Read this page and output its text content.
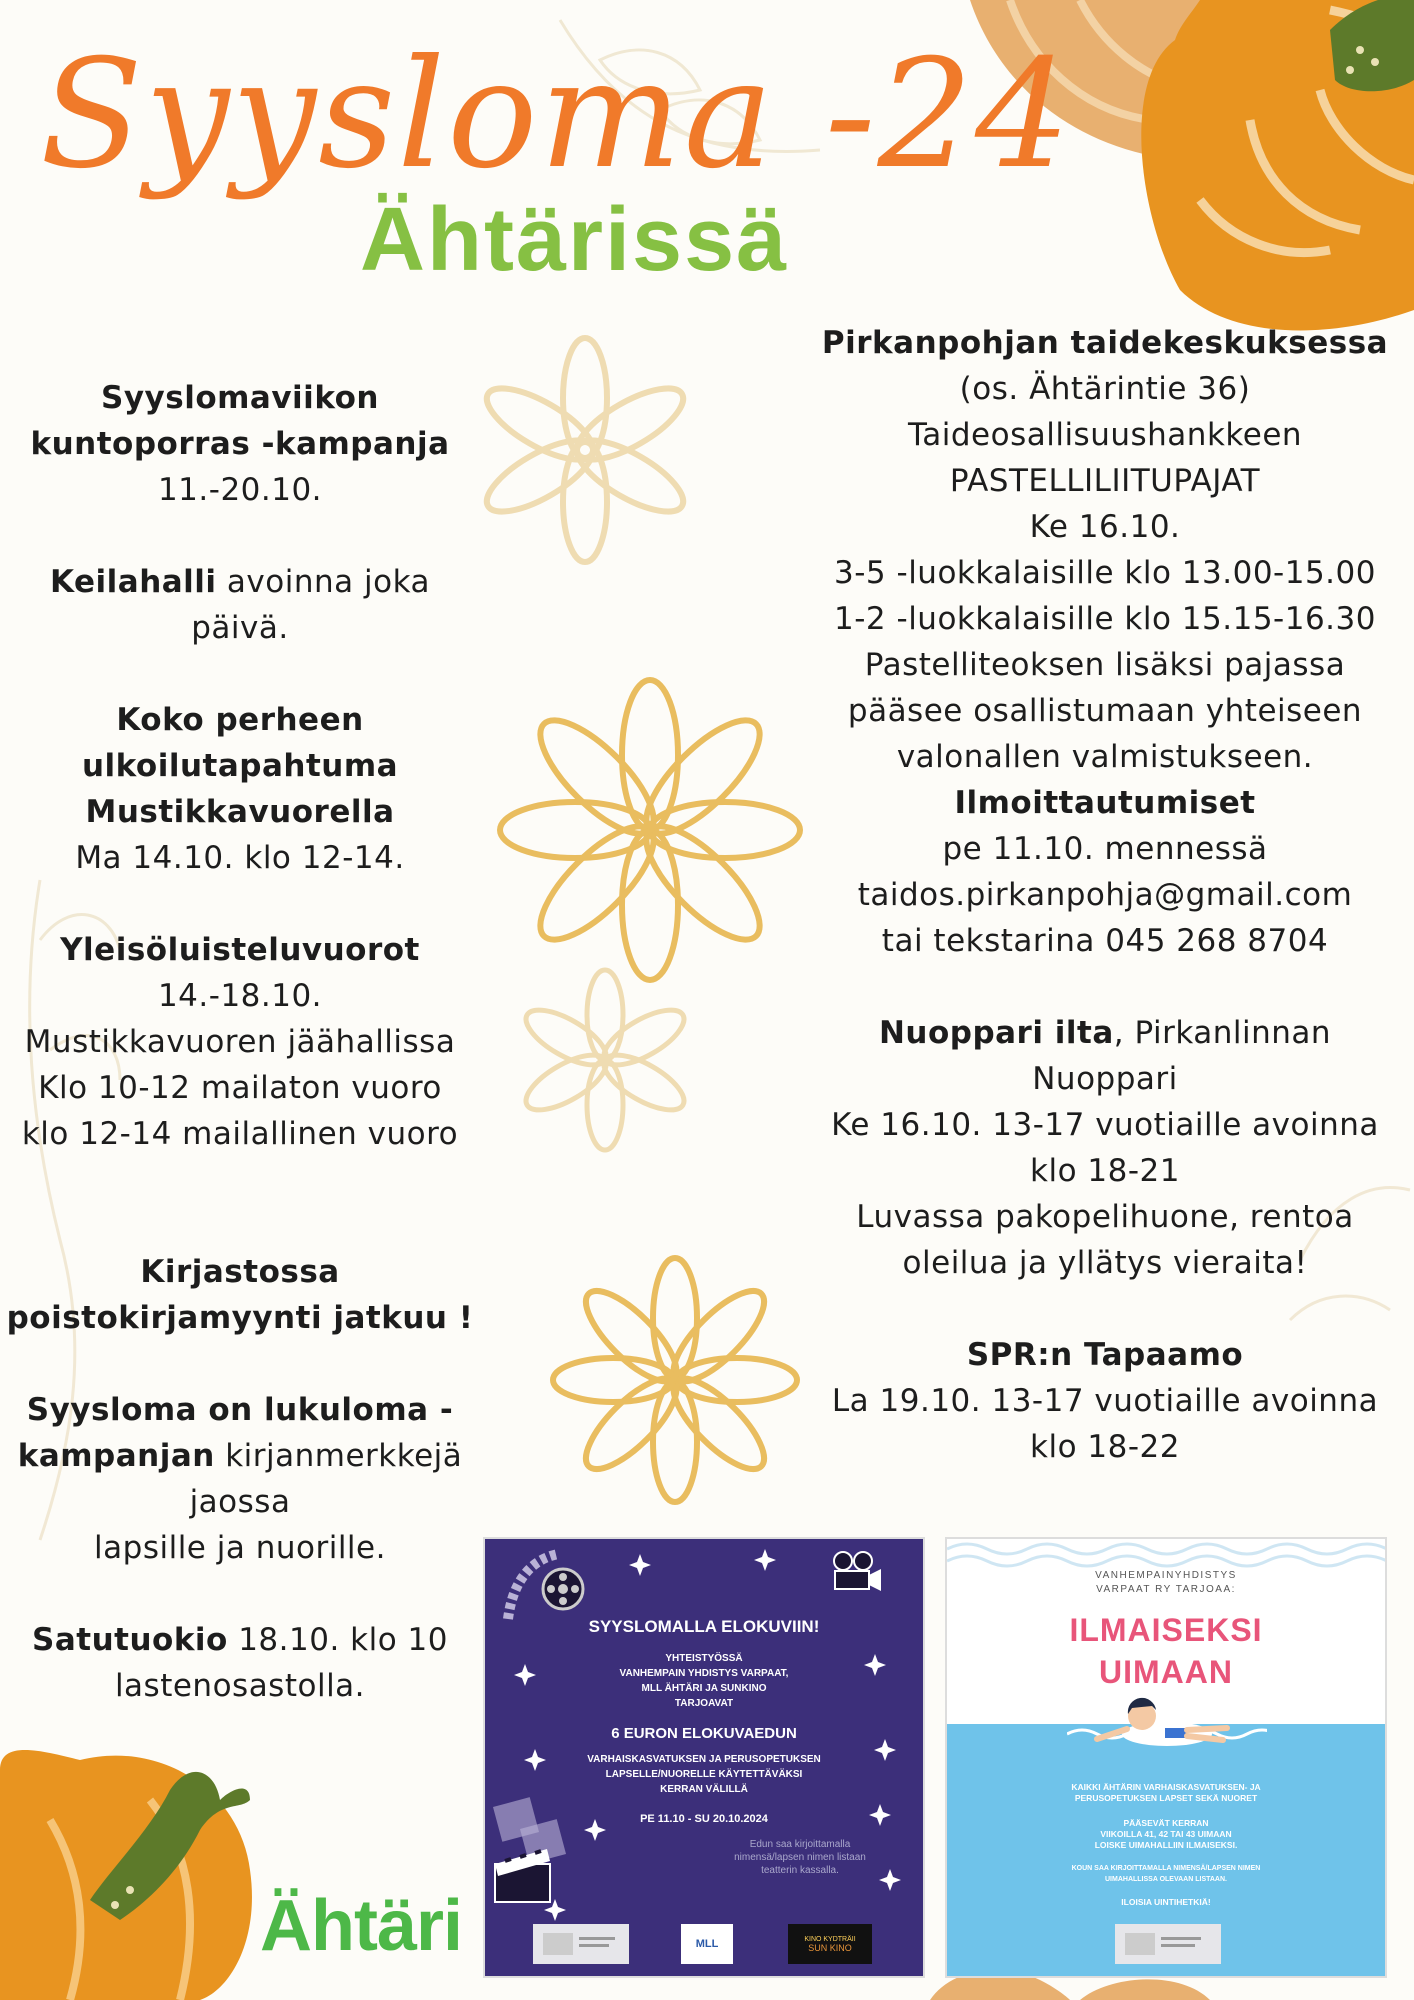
Syysloma -24
Ähtärissä

Syyslomaviikon

kuntoporras -kampanja

11.-20.10.

Keilahalli avoinna joka

päivä.

Koko perheen

ulkoilutapahtuma

Mustikkavuorella

Ma 14.10. klo 12-14.

Yleisöluisteluvuorot

14.-18.10.

Mustikkavuoren jäähallissa

Klo 10-12 mailaton vuoro

klo 12-14 mailallinen vuoro

Kirjastossa

poistokirjamyynti jatkuu !

Syysloma on lukuloma -

kampanjan kirjanmerkkejä

jaossa

lapsille ja nuorille.

Satutuokio 18.10. klo 10

lastenosastolla.

Pirkanpohjan taidekeskuksessa

(os. Ähtärintie 36)

Taideosallisuushankkeen

PASTELLILIITUPAJAT

Ke 16.10.

3-5 -luokkalaisille klo 13.00-15.00

1-2 -luokkalaisille klo 15.15-16.30

Pastelliteoksen lisäksi pajassa

pääsee osallistumaan yhteiseen

valonallen valmistukseen.

Ilmoittautumiset

pe 11.10. mennessä

taidos.pirkanpohja@gmail.com

tai tekstarina 045 268 8704

Nuoppari ilta, Pirkanlinnan

Nuoppari

Ke 16.10. 13-17 vuotiaille avoinna

klo 18-21

Luvassa pakopelihuone, rentoa

oleilua ja yllätys vieraita!

SPR:n Tapaamo

La 19.10. 13-17 vuotiaille avoinna

klo 18-22

SYYSLOMALLA ELOKUVIIN!
YHTEISTYÖSSÄ
VANHEMPAIN YHDISTYS VARPAAT,
MLL ÄHTÄRI JA SUNKINO
TARJOAVAT
6 EURON ELOKUVAEDUN
VARHAISKASVATUKSEN JA PERUSOPETUKSEN
LAPSELLE/NUORELLE KÄYTETTÄVÄKSI
KERRAN VÄLILLÄ
PE 11.10 - SU 20.10.2024
Edun saa kirjoittamalla nimensä/lapsen nimen listaan teatterin kassalla.
MLL	KINO KYDTRÄII
SUN KINO
VANHEMPAINYHDISTYS
VARPAAT RY TARJOAA:
ILMAISEKSI
UIMAAN
KAIKKI ÄHTÄRIN VARHAISKASVATUKSEN- JA
PERUSOPETUKSEN LAPSET SEKÄ NUORET
PÄÄSEVÄT KERRAN
VIIKOILLA 41, 42 TAI 43 UIMAAN
LOISKE UIMAHALLIIN ILMAISEKSI.
KOUN SAA KIRJOITTAMALLA NIMENSÄ/LAPSEN NIMEN
UIMAHALLISSA OLEVAAN LISTAAN.
ILOISIA UINTIHETKIÄ!
Ähtäri
